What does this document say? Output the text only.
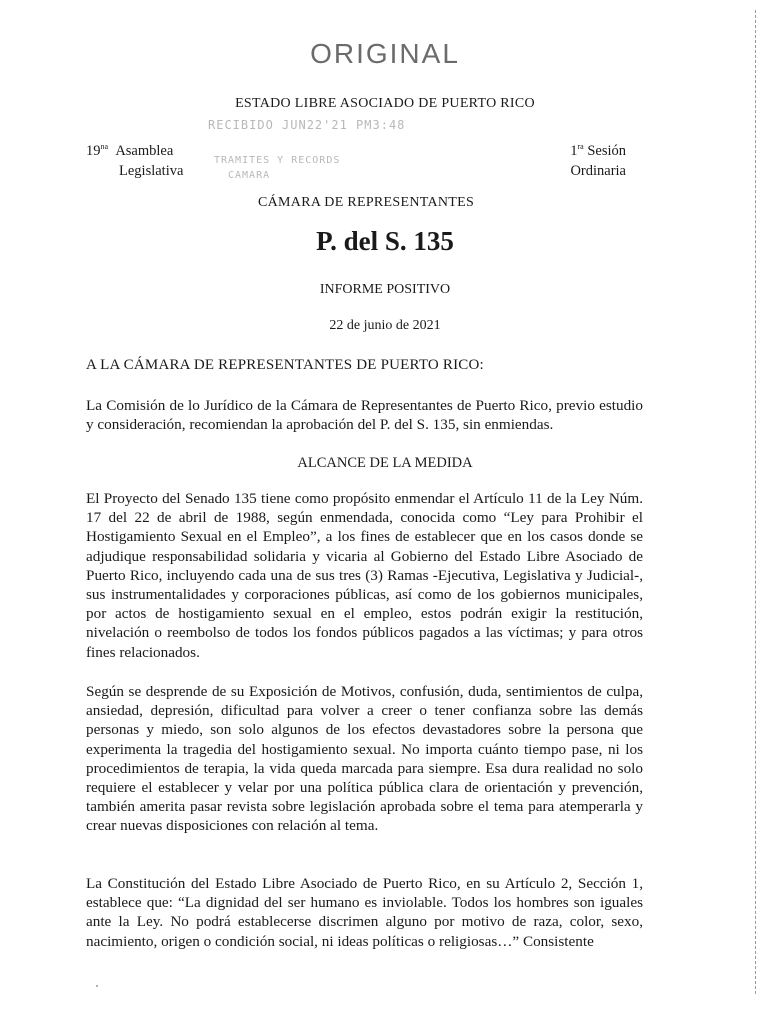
ORIGINAL
ESTADO LIBRE ASOCIADO DE PUERTO RICO
RECIBIDO JUN22'21 PM3:48
TRAMITES Y RECORDS
CAMARA
$19^{na}$ Asamblea
Legislativa
$1^{ra}$ Sesión
Ordinaria
CÁMARA DE REPRESENTANTES
P. del S. 135
INFORME POSITIVO
22 de junio de 2021
A LA CÁMARA DE REPRESENTANTES DE PUERTO RICO:

La Comisión de lo Jurídico de la Cámara de Representantes de Puerto Rico, previo estudio y consideración, recomiendan la aprobación del P. del S. 135, sin enmiendas.

ALCANCE DE LA MEDIDA

El Proyecto del Senado 135 tiene como propósito enmendar el Artículo 11 de la Ley Núm. 17 del 22 de abril de 1988, según enmendada, conocida como “Ley para Prohibir el Hostigamiento Sexual en el Empleo”, a los fines de establecer que en los casos donde se adjudique responsabilidad solidaria y vicaria al Gobierno del Estado Libre Asociado de Puerto Rico, incluyendo cada una de sus tres (3) Ramas -Ejecutiva, Legislativa y Judicial-, sus instrumentalidades y corporaciones públicas, así como de los gobiernos municipales, por actos de hostigamiento sexual en el empleo, estos podrán exigir la restitución, nivelación o reembolso de todos los fondos públicos pagados a las víctimas; y para otros fines relacionados.

Según se desprende de su Exposición de Motivos, confusión, duda, sentimientos de culpa, ansiedad, depresión, dificultad para volver a creer o tener confianza sobre las demás personas y miedo, son solo algunos de los efectos devastadores sobre la persona que experimenta la tragedia del hostigamiento sexual. No importa cuánto tiempo pase, ni los procedimientos de terapia, la vida queda marcada para siempre. Esa dura realidad no solo requiere el establecer y velar por una política pública clara de orientación y prevención, también amerita pasar revista sobre legislación aprobada sobre el tema para atemperarla y crear nuevas disposiciones con relación al tema.

La Constitución del Estado Libre Asociado de Puerto Rico, en su Artículo 2, Sección 1, establece que: “La dignidad del ser humano es inviolable. Todos los hombres son iguales ante la Ley. No podrá establecerse discrimen alguno por motivo de raza, color, sexo, nacimiento, origen o condición social, ni ideas políticas o religiosas…” Consistente
